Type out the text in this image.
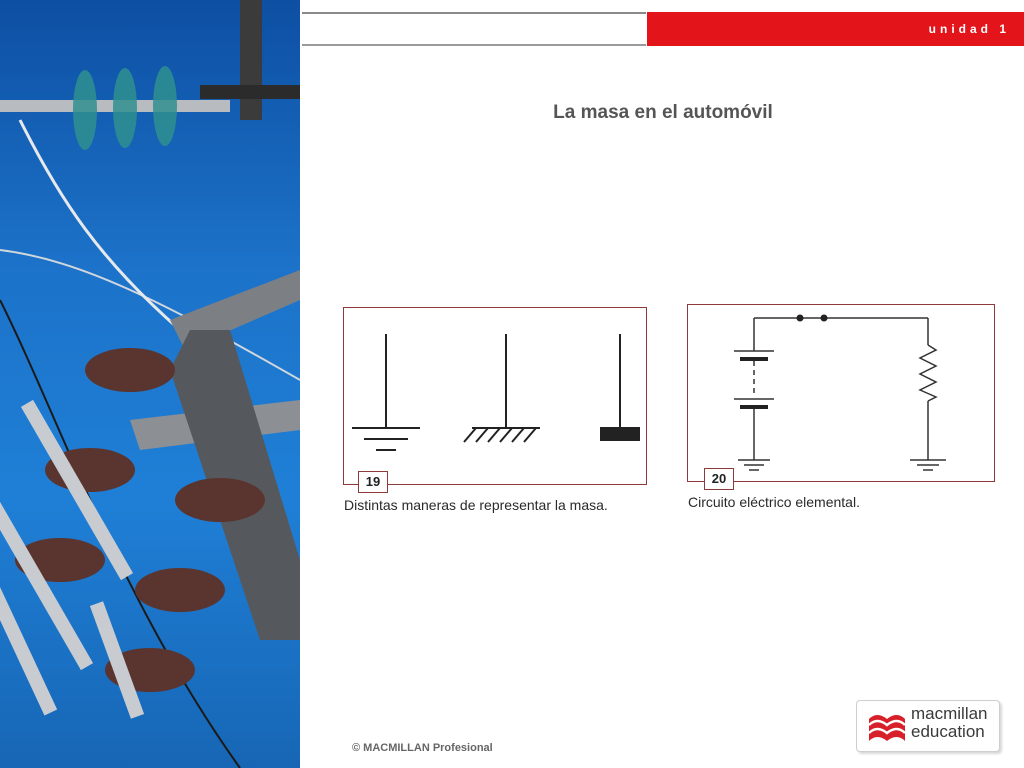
unidad 1
La masa en el automóvil
19
Distintas maneras de representar la masa.
20
Circuito eléctrico elemental.
© MACMILLAN Profesional
macmillan
education
